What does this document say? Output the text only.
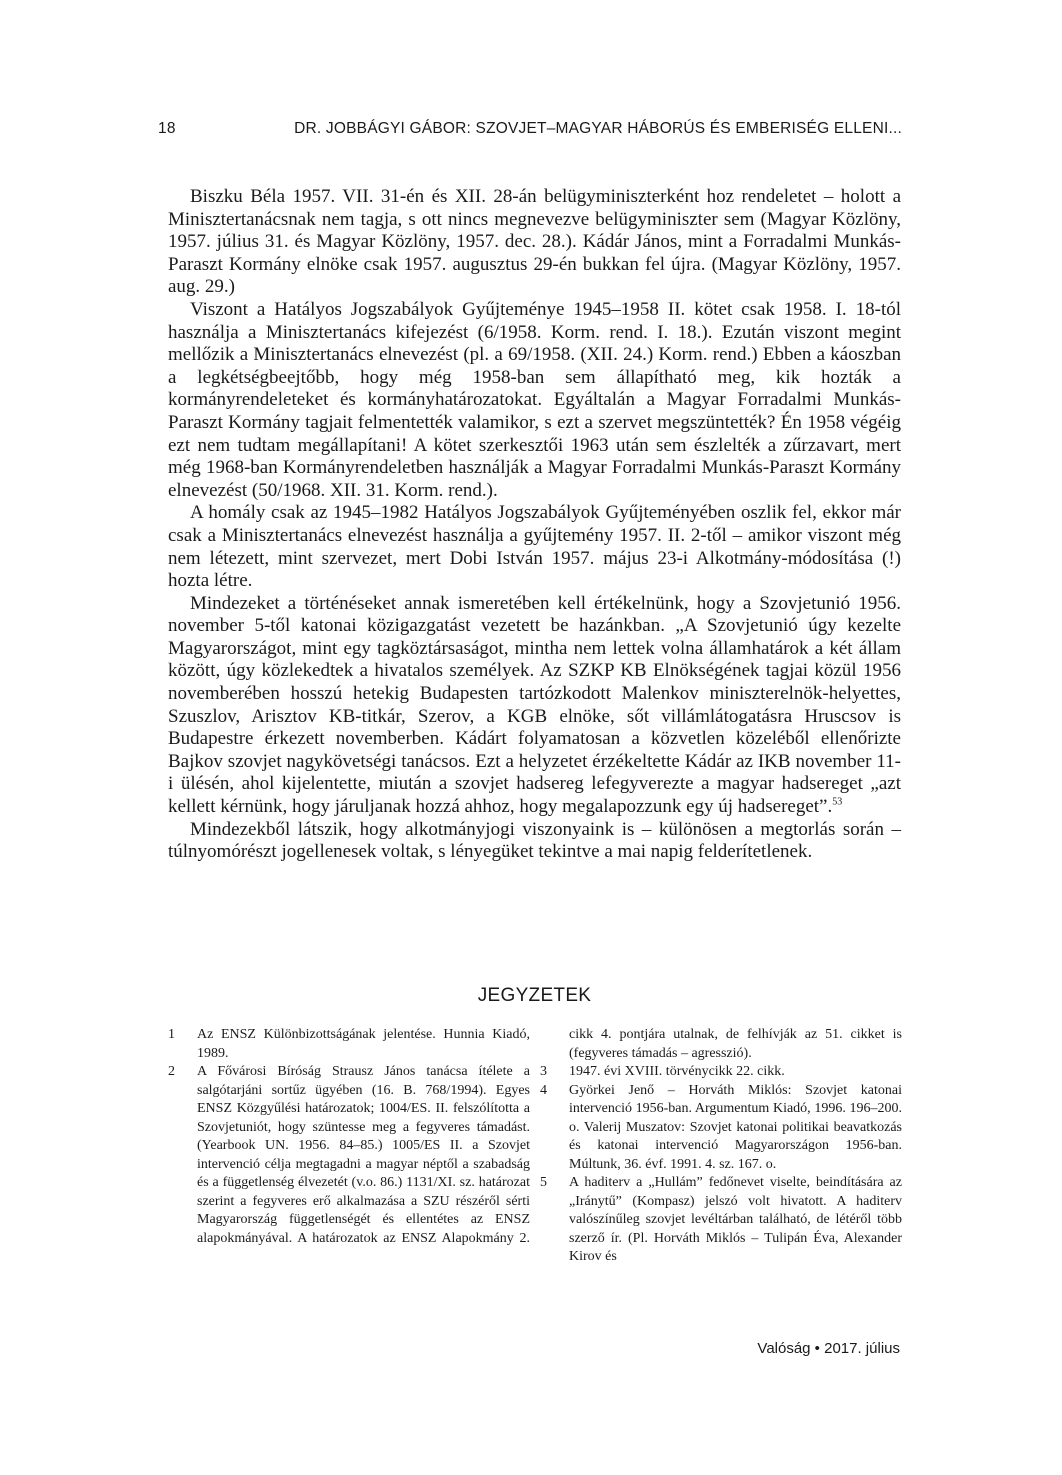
18	DR. JOBBÁGYI GÁBOR: SZOVJET–MAGYAR HÁBORÚS ÉS EMBERISÉG ELLENI...

Biszku Béla 1957. VII. 31-én és XII. 28-án belügyminiszterként hoz rendeletet – holott a Minisztertanácsnak nem tagja, s ott nincs megnevezve belügyminiszter sem (Magyar Közlöny, 1957. július 31. és Magyar Közlöny, 1957. dec. 28.). Kádár János, mint a Forradalmi Munkás-Paraszt Kormány elnöke csak 1957. augusztus 29-én bukkan fel újra. (Magyar Közlöny, 1957. aug. 29.)

Viszont a Hatályos Jogszabályok Gyűjteménye 1945–1958 II. kötet csak 1958. I. 18-tól használja a Minisztertanács kifejezést (6/1958. Korm. rend. I. 18.). Ezután viszont megint mellőzik a Minisztertanács elnevezést (pl. a 69/1958. (XII. 24.) Korm. rend.) Ebben a káoszban a legkétségbeejtőbb, hogy még 1958-ban sem állapítható meg, kik hozták a kormányrendeleteket és kormányhatározatokat. Egyáltalán a Magyar Forradalmi Munkás-Paraszt Kormány tagjait felmentették valamikor, s ezt a szervet megszüntették? Én 1958 végéig ezt nem tudtam megállapítani! A kötet szerkesztői 1963 után sem észlelték a zűrzavart, mert még 1968-ban Kormányrendeletben használják a Magyar Forradalmi Munkás-Paraszt Kormány elnevezést (50/1968. XII. 31. Korm. rend.).

A homály csak az 1945–1982 Hatályos Jogszabályok Gyűjteményében oszlik fel, ekkor már csak a Minisztertanács elnevezést használja a gyűjtemény 1957. II. 2-től – amikor viszont még nem létezett, mint szervezet, mert Dobi István 1957. május 23-i Alkotmány-módosítása (!) hozta létre.

Mindezeket a történéseket annak ismeretében kell értékelnünk, hogy a Szovjetunió 1956. november 5-től katonai közigazgatást vezetett be hazánkban. „A Szovjetunió úgy kezelte Magyarországot, mint egy tagköztársaságot, mintha nem lettek volna államhatárok a két állam között, úgy közlekedtek a hivatalos személyek. Az SZKP KB Elnökségének tagjai közül 1956 novemberében hosszú hetekig Budapesten tartózkodott Malenkov miniszterelnök-helyettes, Szuszlov, Arisztov KB-titkár, Szerov, a KGB elnöke, sőt villámlátogatásra Hruscsov is Budapestre érkezett novemberben. Kádárt folyamatosan a közvetlen közeléből ellenőrizte Bajkov szovjet nagykövetségi tanácsos. Ezt a helyzetet érzékeltette Kádár az IKB november 11-i ülésén, ahol kijelentette, miután a szovjet hadsereg lefegyverezte a magyar hadsereget „azt kellett kérnünk, hogy járuljanak hozzá ahhoz, hogy megalapozzunk egy új hadsereget”.$^{53}$

Mindezekből látszik, hogy alkotmányjogi viszonyaink is – különösen a megtorlás során – túlnyomórészt jogellenesek voltak, s lényegüket tekintve a mai napig felderítetlenek.

JEGYZETEK
1	Az ENSZ Különbizottságának jelentése. Hunnia Kiadó, 1989.
2	A Fővárosi Bíróság Strausz János tanácsa ítélete a salgótarjáni sortűz ügyében (16. B. 768/1994). Egyes ENSZ Közgyűlési határozatok; 1004/ES. II. felszólította a Szovjetuniót, hogy szüntesse meg a fegyveres támadást. (Yearbook UN. 1956. 84–85.) 1005/ES II. a Szovjet intervenció célja megtagadni a magyar néptől a szabadság és a függetlenség élvezetét (v.o. 86.) 1131/XI. sz. határozat szerint a fegyveres erő alkalmazása a SZU részéről sérti Magyarország függetlenségét és ellentétes az ENSZ alapokmányával. A határozatok az ENSZ Alapokmány 2. cikk 4. pontjára utalnak, de felhívják az 51. cikket is (fegyveres támadás – agresszió).
3	1947. évi XVIII. törvénycikk 22. cikk.
4	Györkei Jenő – Horváth Miklós: Szovjet katonai intervenció 1956-ban. Argumentum Kiadó, 1996. 196–200. o. Valerij Muszatov: Szovjet katonai politikai beavatkozás és katonai intervenció Magyarországon 1956-ban. Múltunk, 36. évf. 1991. 4. sz. 167. o.
5	A haditerv a „Hullám” fedőnevet viselte, beindítására az „Iránytű” (Kompasz) jelszó volt hivatott. A haditerv valószínűleg szovjet levéltárban található, de létéről több szerző ír. (Pl. Horváth Miklós – Tulipán Éva, Alexander Kirov és
Valóság • 2017. július
